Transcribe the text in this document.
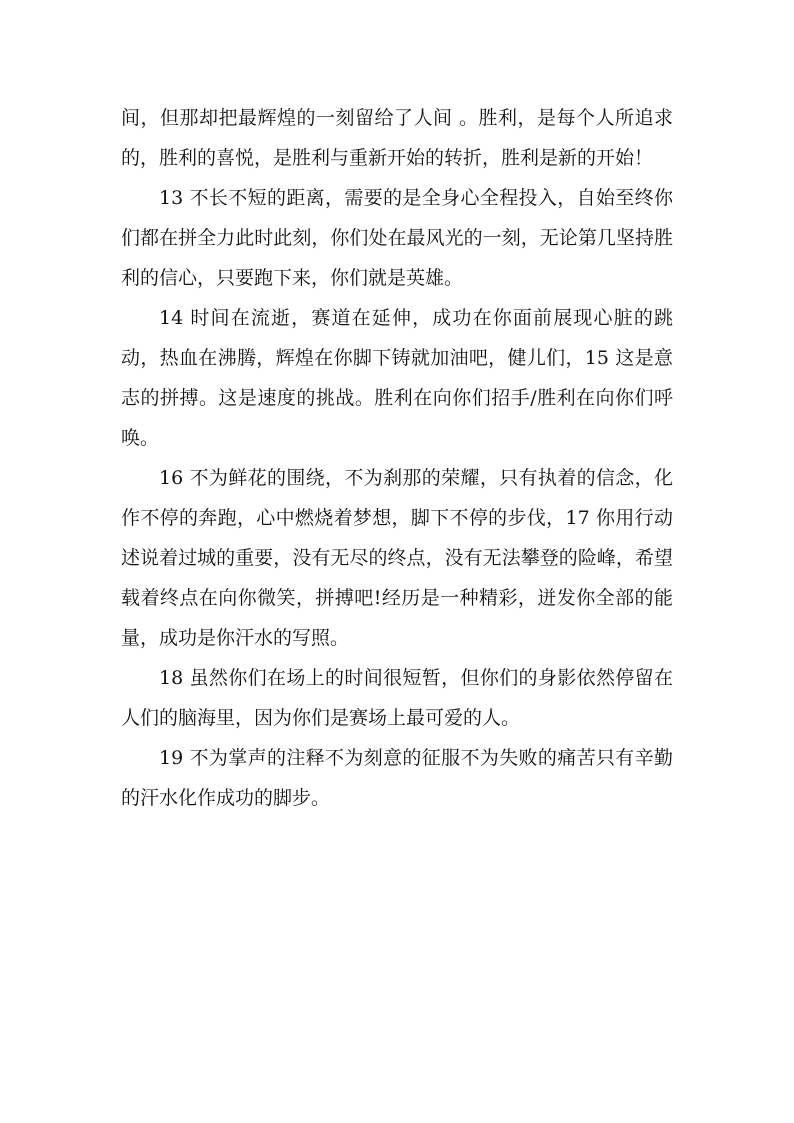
间，但那却把最辉煌的一刻留给了人间 。胜利，是每个人所追求的，胜利的喜悦，是胜利与重新开始的转折，胜利是新的开始！

13 不长不短的距离，需要的是全身心全程投入，自始至终你们都在拼全力此时此刻，你们处在最风光的一刻，无论第几坚持胜利的信心，只要跑下来，你们就是英雄。

14 时间在流逝，赛道在延伸，成功在你面前展现心脏的跳动，热血在沸腾，辉煌在你脚下铸就加油吧，健儿们，15 这是意志的拼搏。这是速度的挑战。胜利在向你们招手/胜利在向你们呼唤。

16 不为鲜花的围绕，不为刹那的荣耀，只有执着的信念，化作不停的奔跑，心中燃烧着梦想，脚下不停的步伐，17 你用行动述说着过城的重要，没有无尽的终点，没有无法攀登的险峰，希望载着终点在向你微笑，拼搏吧!经历是一种精彩，迸发你全部的能量，成功是你汗水的写照。

18 虽然你们在场上的时间很短暂，但你们的身影依然停留在人们的脑海里，因为你们是赛场上最可爱的人。

19 不为掌声的注释不为刻意的征服不为失败的痛苦只有辛勤的汗水化作成功的脚步。
